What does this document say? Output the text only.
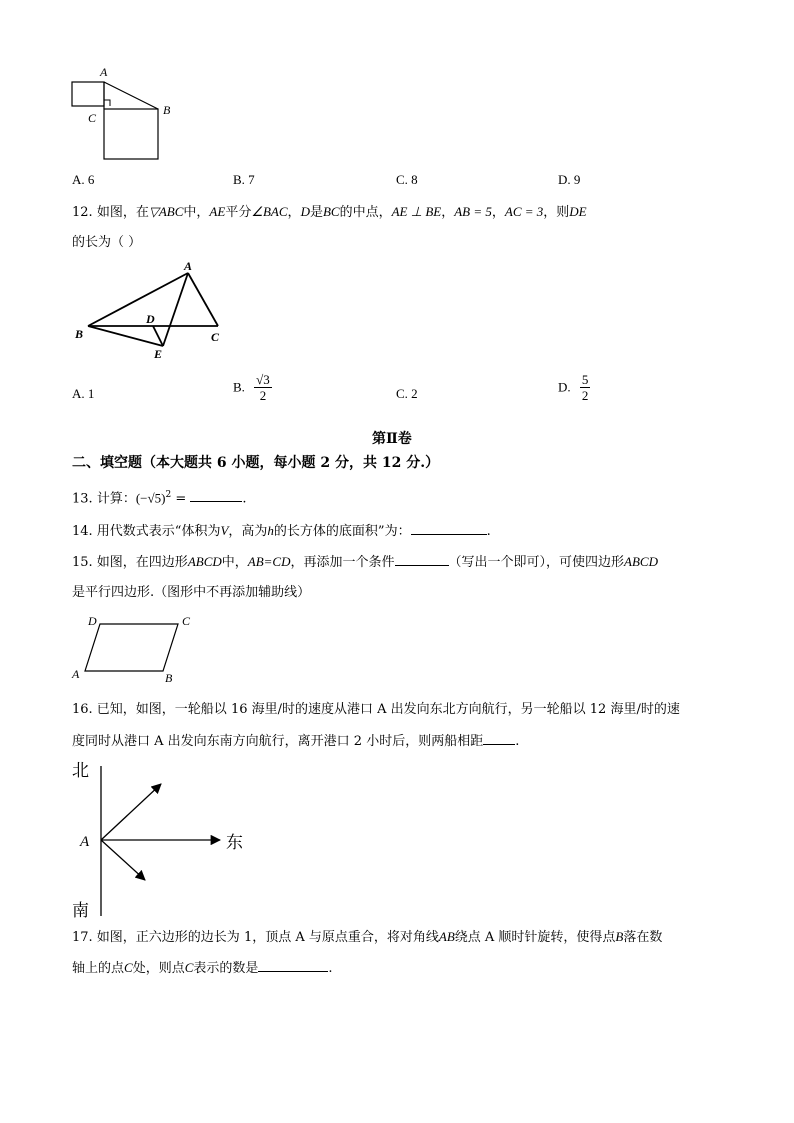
A
B
C
A. 6	B. 7	C. 8	D. 9
12. 如图，在▽ABC中，AE平分∠BAC，D是BC的中点，AE ⊥ BE，AB = 5，AC = 3，则DE
的长为（ ）
A
B	C
D
E
A. 1	B. $\frac{√3}{2}$	C. 2	D. $\frac{5}{2}$
第Ⅱ卷
二、填空题（本大题共 6 小题，每小题 2 分，共 12 分.）
13. 计算：$(-√5)^2$ =	.
14. 用代数式表示“体积为V，高为h的长方体的底面积”为：	.
15. 如图，在四边形ABCD中，AB=CD，再添加一个条件	（写出一个即可），可使四边形ABCD
是平行四边形.（图形中不再添加辅助线）
D	C
A	B
16. 已知，如图，一轮船以 16 海里/时的速度从港口 A 出发向东北方向航行，另一轮船以 12 海里/时的速
度同时从港口 A 出发向东南方向航行，离开港口 2 小时后，则两船相距 .
北
南
东
A
17. 如图，正六边形的边长为 1，顶点 A 与原点重合，将对角线AB绕点 A 顺时针旋转，使得点B落在数
轴上的点C处，则点C表示的数是	.
